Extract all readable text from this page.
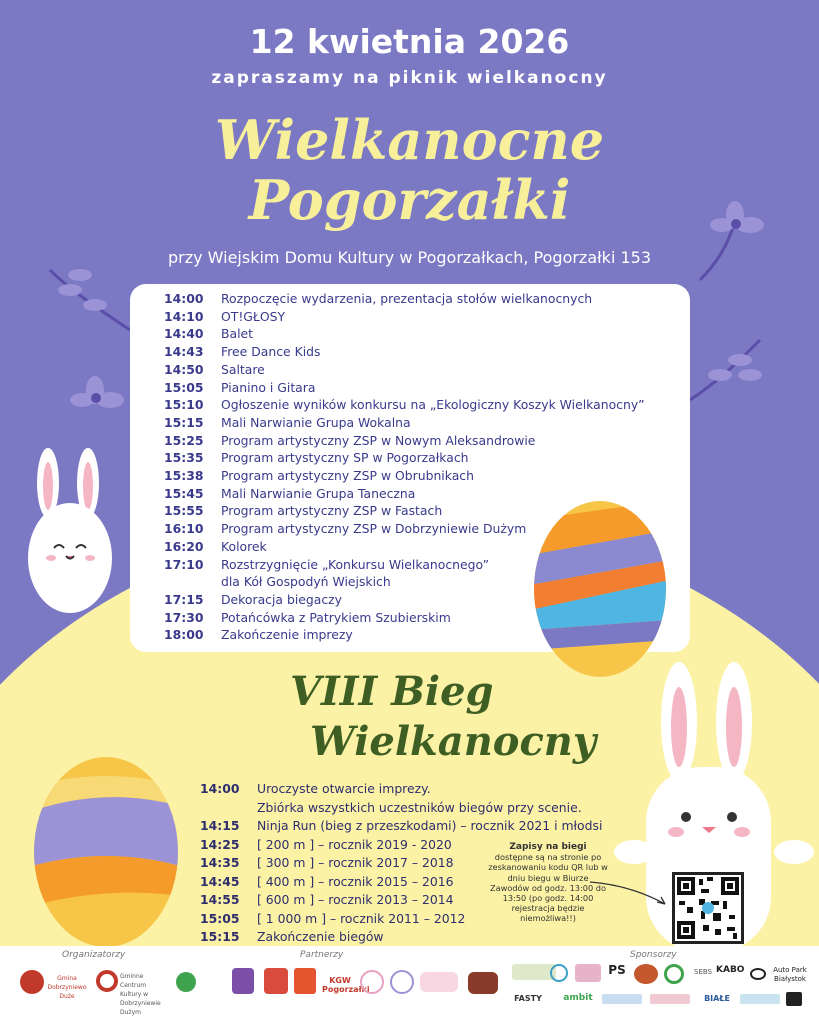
12 kwietnia 2026
zapraszamy na piknik wielkanocny
Wielkanocne
Pogorzałki
przy Wiejskim Domu Kultury w Pogorzałkach, Pogorzałki 153
14:00	Rozpoczęcie wydarzenia, prezentacja stołów wielkanocnych
14:10	OT!GŁOSY
14:40	Balet
14:43	Free Dance Kids
14:50	Saltare
15:05	Pianino i Gitara
15:10	Ogłoszenie wyników konkursu na „Ekologiczny Koszyk Wielkanocny”
15:15	Mali Narwianie Grupa Wokalna
15:25	Program artystyczny ZSP w Nowym Aleksandrowie
15:35	Program artystyczny SP w Pogorzałkach
15:38	Program artystyczny ZSP w Obrubnikach
15:45	Mali Narwianie Grupa Taneczna
15:55	Program artystyczny ZSP w Fastach
16:10	Program artystyczny ZSP w Dobrzyniewie Dużym
16:20	Kolorek
17:10	Rozstrzygnięcie „Konkursu Wielkanocnego”
dla Kół Gospodyń Wiejskich
17:15	Dekoracja biegaczy
17:30	Potańcówka z Patrykiem Szubierskim
18:00	Zakończenie imprezy
VIII Bieg
Wielkanocny
14:00	Uroczyste otwarcie imprezy.
Zbiórka wszystkich uczestników biegów przy scenie.
14:15	Ninja Run (bieg z przeszkodami) – rocznik 2021 i młodsi
14:25	[ 200 m ] – rocznik 2019 - 2020
14:35	[ 300 m ] – rocznik 2017 – 2018
14:45	[ 400 m ] – rocznik 2015 – 2016
14:55	[ 600 m ] – rocznik 2013 – 2014
15:05	[ 1 000 m ] – rocznik 2011 – 2012
15:15	Zakończenie biegów
Zapisy na biegi
dostępne są na stronie po zeskanowaniu kodu QR lub w dniu biegu w Biurze Zawodów od godz. 13:00 do 13:50 (po godz. 14:00 rejestracja będzie niemożliwa!!)
Organizatorzy	Partnerzy	Sponsorzy
Gmina Dobrzyniewo Duże
Gminne Centrum Kultury w Dobrzyniewie Dużym
KGW Pogorzałki
PS	SEBS KABO	Auto Park Białystok
FASTY	ambit	BIAŁE
